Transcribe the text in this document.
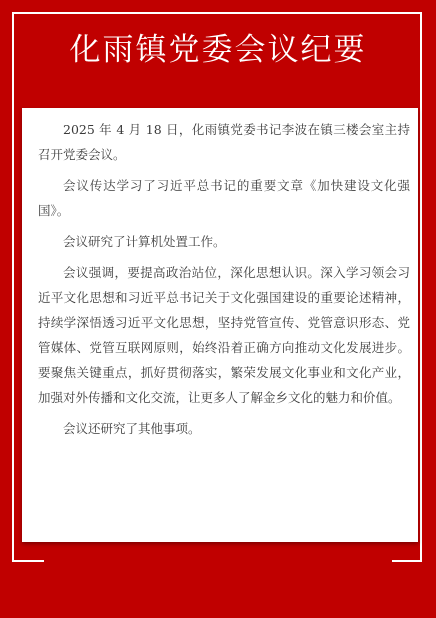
化雨镇党委会议纪要

2025 年 4 月 18 日，化雨镇党委书记李波在镇三楼会室主持召开党委会议。

会议传达学习了习近平总书记的重要文章《加快建设文化强国》。

会议研究了计算机处置工作。

会议强调，要提高政治站位，深化思想认识。深入学习领会习近平文化思想和习近平总书记关于文化强国建设的重要论述精神，持续学深悟透习近平文化思想，坚持党管宣传、党管意识形态、党管媒体、党管互联网原则，始终沿着正确方向推动文化发展进步。要聚焦关键重点，抓好贯彻落实，繁荣发展文化事业和文化产业，加强对外传播和文化交流，让更多人了解金乡文化的魅力和价值。

会议还研究了其他事项。
